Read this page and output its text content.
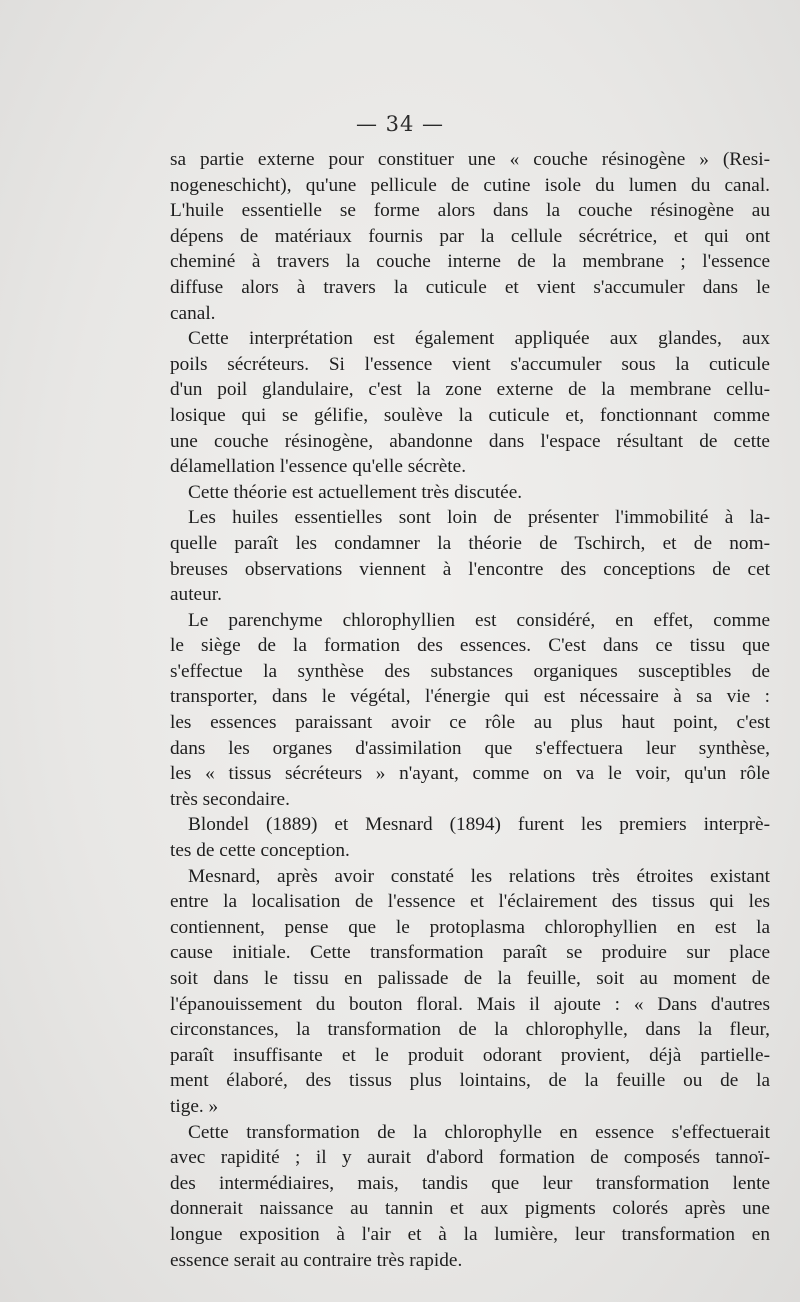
— 34 —
sa partie externe pour constituer une « couche résinogène » (Resi-
nogeneschicht), qu'une pellicule de cutine isole du lumen du canal.
L'huile essentielle se forme alors dans la couche résinogène au
dépens de matériaux fournis par la cellule sécrétrice, et qui ont
cheminé à travers la couche interne de la membrane ; l'essence
diffuse alors à travers la cuticule et vient s'accumuler dans le
canal.
Cette interprétation est également appliquée aux glandes, aux
poils sécréteurs. Si l'essence vient s'accumuler sous la cuticule
d'un poil glandulaire, c'est la zone externe de la membrane cellu-
losique qui se gélifie, soulève la cuticule et, fonctionnant comme
une couche résinogène, abandonne dans l'espace résultant de cette
délamellation l'essence qu'elle sécrète.
Cette théorie est actuellement très discutée.
Les huiles essentielles sont loin de présenter l'immobilité à la-
quelle paraît les condamner la théorie de Tschirch, et de nom-
breuses observations viennent à l'encontre des conceptions de cet
auteur.
Le parenchyme chlorophyllien est considéré, en effet, comme
le siège de la formation des essences. C'est dans ce tissu que
s'effectue la synthèse des substances organiques susceptibles de
transporter, dans le végétal, l'énergie qui est nécessaire à sa vie :
les essences paraissant avoir ce rôle au plus haut point, c'est
dans les organes d'assimilation que s'effectuera leur synthèse,
les « tissus sécréteurs » n'ayant, comme on va le voir, qu'un rôle
très secondaire.
Blondel (1889) et Mesnard (1894) furent les premiers interprè-
tes de cette conception.
Mesnard, après avoir constaté les relations très étroites existant
entre la localisation de l'essence et l'éclairement des tissus qui les
contiennent, pense que le protoplasma chlorophyllien en est la
cause initiale. Cette transformation paraît se produire sur place
soit dans le tissu en palissade de la feuille, soit au moment de
l'épanouissement du bouton floral. Mais il ajoute : « Dans d'autres
circonstances, la transformation de la chlorophylle, dans la fleur,
paraît insuffisante et le produit odorant provient, déjà partielle-
ment élaboré, des tissus plus lointains, de la feuille ou de la
tige. »
Cette transformation de la chlorophylle en essence s'effectuerait
avec rapidité ; il y aurait d'abord formation de composés tannoï-
des intermédiaires, mais, tandis que leur transformation lente
donnerait naissance au tannin et aux pigments colorés après une
longue exposition à l'air et à la lumière, leur transformation en
essence serait au contraire très rapide.
